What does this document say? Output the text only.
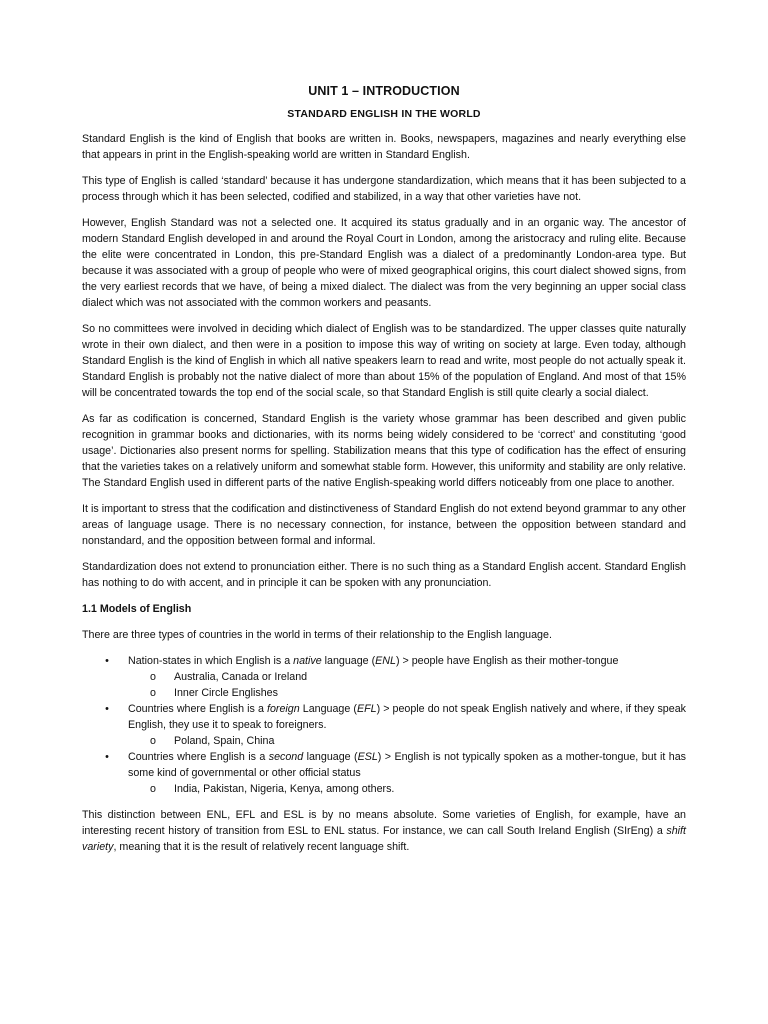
UNIT 1 – INTRODUCTION
STANDARD ENGLISH IN THE WORLD

Standard English is the kind of English that books are written in. Books, newspapers, magazines and nearly everything else that appears in print in the English-speaking world are written in Standard English.

This type of English is called ‘standard’ because it has undergone standardization, which means that it has been subjected to a process through which it has been selected, codified and stabilized, in a way that other varieties have not.

However, English Standard was not a selected one. It acquired its status gradually and in an organic way. The ancestor of modern Standard English developed in and around the Royal Court in London, among the aristocracy and ruling elite. Because the elite were concentrated in London, this pre-Standard English was a dialect of a predominantly London-area type. But because it was associated with a group of people who were of mixed geographical origins, this court dialect showed signs, from the very earliest records that we have, of being a mixed dialect. The dialect was from the very beginning an upper social class dialect which was not associated with the common workers and peasants.

So no committees were involved in deciding which dialect of English was to be standardized. The upper classes quite naturally wrote in their own dialect, and then were in a position to impose this way of writing on society at large. Even today, although Standard English is the kind of English in which all native speakers learn to read and write, most people do not actually speak it. Standard English is probably not the native dialect of more than about 15% of the population of England. And most of that 15% will be concentrated towards the top end of the social scale, so that Standard English is still quite clearly a social dialect.

As far as codification is concerned, Standard English is the variety whose grammar has been described and given public recognition in grammar books and dictionaries, with its norms being widely considered to be ‘correct’ and constituting ‘good usage’. Dictionaries also present norms for spelling. Stabilization means that this type of codification has the effect of ensuring that the varieties takes on a relatively uniform and somewhat stable form. However, this uniformity and stability are only relative. The Standard English used in different parts of the native English-speaking world differs noticeably from one place to another.

It is important to stress that the codification and distinctiveness of Standard English do not extend beyond grammar to any other areas of language usage. There is no necessary connection, for instance, between the opposition between standard and nonstandard, and the opposition between formal and informal.

Standardization does not extend to pronunciation either. There is no such thing as a Standard English accent. Standard English has nothing to do with accent, and in principle it can be spoken with any pronunciation.

1.1 Models of English

There are three types of countries in the world in terms of their relationship to the English language.

• Nation-states in which English is a native language (ENL) > people have English as their mother-tongue
o Australia, Canada or Ireland
o Inner Circle Englishes
• Countries where English is a foreign Language (EFL) > people do not speak English natively and where, if they speak English, they use it to speak to foreigners.
o Poland, Spain, China
• Countries where English is a second language (ESL) > English is not typically spoken as a mother-tongue, but it has some kind of governmental or other official status
o India, Pakistan, Nigeria, Kenya, among others.

This distinction between ENL, EFL and ESL is by no means absolute. Some varieties of English, for example, have an interesting recent history of transition from ESL to ENL status. For instance, we can call South Ireland English (SIrEng) a shift variety, meaning that it is the result of relatively recent language shift.
